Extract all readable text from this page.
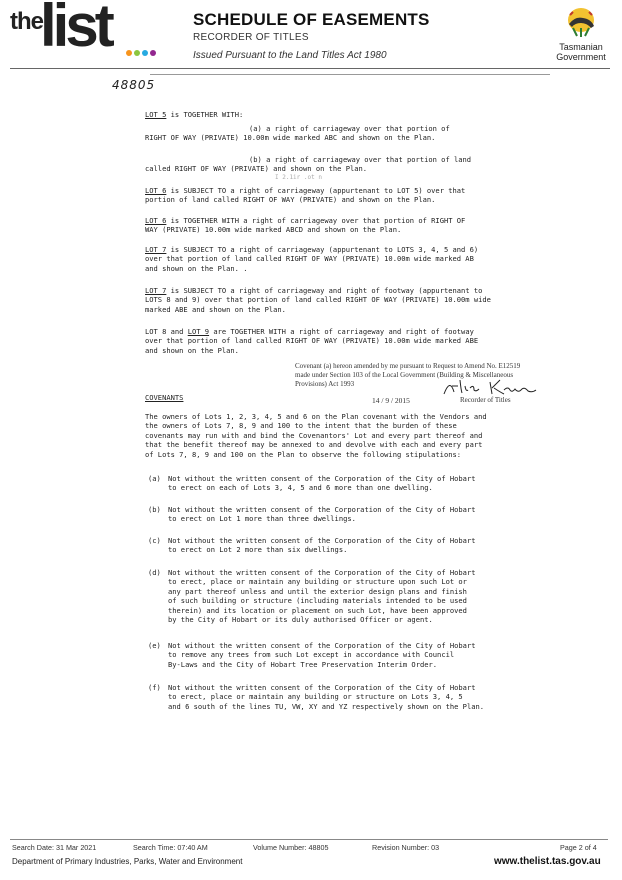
the
list	SCHEDULE OF EASEMENTS
RECORDER OF TITLES
Issued Pursuant to the Land Titles Act 1980
Tasmanian
Government
48805
LOT 5 is TOGETHER WITH:
(a) a right of carriageway over that portion of
RIGHT OF WAY (PRIVATE) 10.00m wide marked ABC and shown on the Plan.
(b) a right of carriageway over that portion of land
called RIGHT OF WAY (PRIVATE) and shown on the Plan.
I 2.1ir .ot n
LOT 6 is SUBJECT TO a right of carriageway (appurtenant to LOT 5) over that
portion of land called RIGHT OF WAY (PRIVATE) and shown on the Plan.
LOT 6 is TOGETHER WITH a right of carriageway over that portion of RIGHT OF
WAY (PRIVATE) 10.00m wide marked ABCD and shown on the Plan.
LOT 7 is SUBJECT TO a right of carriageway (appurtenant to LOTS 3, 4, 5 and 6)
over that portion of land called RIGHT OF WAY (PRIVATE) 10.00m wide marked AB
and shown on the Plan. .
LOT 7 is SUBJECT TO a right of carriageway and right of footway (appurtenant to
LOTS 8 and 9) over that portion of land called RIGHT OF WAY (PRIVATE) 10.00m wide
marked ABE and shown on the Plan.
LOT 8 and LOT 9 are TOGETHER WITH a right of carriageway and right of footway
over that portion of land called RIGHT OF WAY (PRIVATE) 10.00m wide marked ABE
and shown on the Plan.
Covenant (a) hereon amended by me pursuant to Request to Amend No. E12519
made under Section 103 of the Local Government (Building & Miscellaneous
Provisions) Act 1993
14 / 9 / 2015	Recorder of Titles
COVENANTS
The owners of Lots 1, 2, 3, 4, 5 and 6 on the Plan covenant with the Vendors and
the owners of Lots 7, 8, 9 and 100 to the intent that the burden of these
covenants may run with and bind the Covenantors' Lot and every part thereof and
that the benefit thereof may be annexed to and devolve with each and every part
of Lots 7, 8, 9 and 100 on the Plan to observe the following stipulations:
(a) Not without the written consent of the Corporation of the City of Hobart
to erect on each of Lots 3, 4, 5 and 6 more than one dwelling.
(b) Not without the written consent of the Corporation of the City of Hobart
to erect on Lot 1 more than three dwellings.
(c) Not without the written consent of the Corporation of the City of Hobart
to erect on Lot 2 more than six dwellings.
(d) Not without the written consent of the Corporation of the City of Hobart
to erect, place or maintain any building or structure upon such Lot or
any part thereof unless and until the exterior design plans and finish
of such building or structure (including materials intended to be used
therein) and its location or placement on such Lot, have been approved
by the City of Hobart or its duly authorised Officer or agent.
(e) Not without the written consent of the Corporation of the City of Hobart
to remove any trees from such Lot except in accordance with Council
By-Laws and the City of Hobart Tree Preservation Interim Order.
(f) Not without the written consent of the Corporation of the City of Hobart
to erect, place or maintain any building or structure on Lots 3, 4, 5
and 6 south of the lines TU, VW, XY and YZ respectively shown on the Plan.
Search Date: 31 Mar 2021	Search Time: 07:40 AM	Volume Number: 48805	Revision Number: 03	Page 2 of 4
Department of Primary Industries, Parks, Water and Environment	www.thelist.tas.gov.au
